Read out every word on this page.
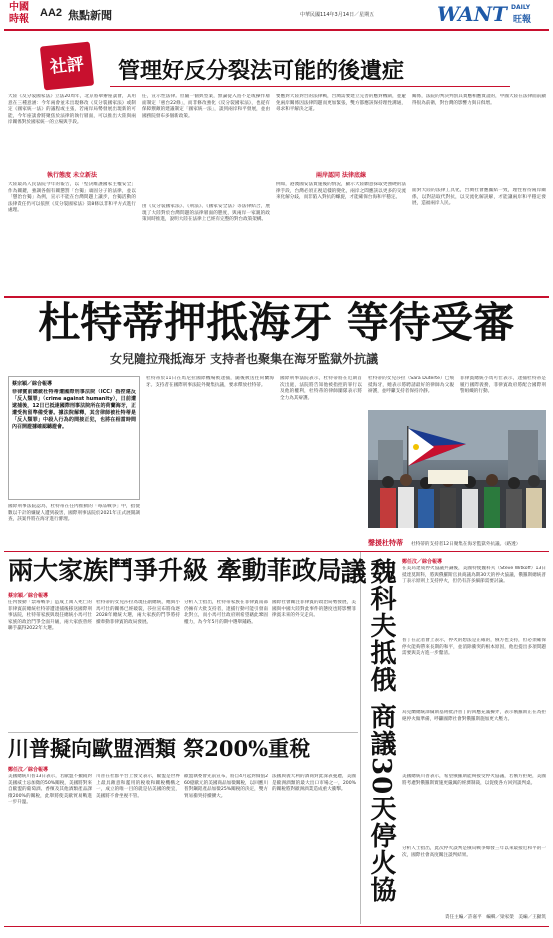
中國
時報
AA2 焦點新聞	中華民國114年3月14日／星期五	WANT DAILY
旺報
社評	管理好反分裂法可能的後遺症
大陸《反分裂國家法》立法20周年，北京將舉辦座談會，其用意在三種意涵：今年兩會並未出現修改《反分裂國家法》或制定《國家統一法》的議程或主張，若兩岸局勢發展出現新的可能，今年座談會將聚焦於法律的執行層面，可以推出大陸與兩岸關係對於國家統一的立場與手段。
執行態度 未立新法
大陸最高人民法院今年的報告，以「堅決維護國家主權安全」作為關鍵，強調各個有關懲罰「台獨」頑固分子的法律，並以「懲治台獨」為例，宣示不能在台灣問題上讓步，台獨活動的法律責任仍可以依照《反分裂國家法》第8條以非和平方式進行處理。
任，宣示性法律。但隨一個典型案，無論從入島不足或操作層面制定「惠台22條」，而非修改強化《反分裂國家法》，也從有保障禦敵的建議制定「國家統一法」，談到兩岸和平發展，並由國務院發布多個新政策。
由《反分裂國家法》、《刑法》、《國家安全法》等法律結合，展現了大陸對於台灣問題的法律層面的態度，與兩岸一家親的政策同時推進，說明大陸在法律上已經有完整的對台政策架構。
要應對大陸對台的法律戰，台灣需要建立完善的應對機制，並避免兩岸關係因法律問題而更加緊張，雙方都應該保持理性溝通，尋求和平解決之道。
兩岸認同 法律底線
例如，港澳國安法實施後的情況，顯示大陸願意採取更強硬的法律手段，台灣必須正視這樣的變化，兩岸之間應該以更多的交流來化解分歧，而非陷入對抗的螺旋，才能確保台海和平穩定。
關係，法院的判決判罰其實應相應實證的，中國大陸在法律面前顯得很為前衛，對台灣的影響力與日俱增。
面對大陸的法律工具化，台灣社會應團結一致，理性看待兩岸關係，以對話取代對抗，以交流化解誤解，才能讓兩岸和平穩定發展，造福兩岸人民。
杜特蒂押抵海牙 等待受審
女兒隨拉飛抵海牙 支持者也聚集在海牙監獄外抗議
蔡宗穎／綜合報導
菲律賓前總統杜特蒂遭國際刑事法院（ICC）指控違反「反人類罪」（crime against humanity），日前遭逮捕後，12日已抵達國際刑事法院所在的荷蘭海牙，正遭受拘留準備受審。據法院解釋，其含律師被杜特蒂是「反人類罪」中殺人行為的間接正犯，也將在相當時間內召開證據確認聽證會。
國際刑事法院認為，杜特蒂在任內推動的「毒品戰爭」中，指使數以千計的嫌疑人遭到殺害，國際刑事法院於2021年正式展開調查，該案件將在海牙進行審理。
杜特蒂於11日在馬尼拉國際機場被逮捕，隨後被送往荷蘭海牙。支持者在國際刑事法院外聚集抗議，要求釋放杜特蒂。
國際刑事法院表示，杜特蒂將在近期首次出庭，法院將告知他被指控的罪行以及他的權利，杜特蒂的律師團隊表示將全力為其辯護。
杜特蒂的女兒莎拉（Sara Duterte）已飛抵海牙，她表示將聘請最好的律師為父親辯護，並呼籲支持者保持冷靜。
菲律賓總統小馬可仕表示，逮捕杜特蒂是履行國際義務，菲律賓政府將配合國際刑警組織的行動。
聲援杜特蒂 杜特蒂的支持者12日聚集在海牙監獄外抗議。（路透）
兩大家族鬥爭升級 牽動菲政局
蔡宗穎／綜合報導
任內發動「禁毒戰爭」造成上萬人死亡的菲律賓前總統杜特蒂遭逮捕後移送國際刑事法院，杜特蒂家族與現任總統小馬可仕家族的政治鬥爭全面升級，兩大家族曾經聯手贏得2022年大選。
杜特蒂的女兒莎拉為現任副總統，她與小馬可仕的關係已經破裂，莎拉宣布將角逐2028年總統大選，兩大家族的鬥爭將持續牽動菲律賓的政局發展。
分析人士指出，杜特蒂家族在菲律賓南部仍擁有大批支持者，逮捕行動可能引發南北對立，而小馬可仕政府則希望藉此鞏固權力，為今年5月的期中選舉鋪路。
國際社會關注菲律賓的政治局勢發展，美國與中國大陸對此事件的態度也將影響菲律賓未來的外交走向。
川普擬向歐盟酒類 祭200%重稅
鄭任汶／綜合報導
美國總統川普13日表示，若歐盟不撤銷對美國威士忌加徵的50%關稅，美國將對來自歐盟的葡萄酒、香檳及其他酒類產品課徵200%的關稅，此舉將使美歐貿易戰進一步升溫。
川普在社群平台上發文表示，歐盟是世界上最具敵意和濫用的稅收和關稅機構之一，成立的唯一目的就是佔美國的便宜，美國將不會坐視不管。
歐盟執委會先前宣布，將自4月起對價值260億歐元的美國商品加徵關稅，以回應川普對鋼鋁產品加徵25%關稅的決定，雙方貿易衝突持續擴大。
法國與義大利的酒商對此深表憂慮，美國是歐洲酒類的最大出口市場之一，200%的關稅將對歐洲酒業造成重大衝擊。 魏科夫抵俄 商議30天停火協議	鄭任汶／綜合報導
在美烏達成停火協議共識後，美國特使魏科夫（Steve Witkoff）13日抵達莫斯科，將與俄羅斯官員商議為期30天的停火協議，俄羅斯總統普丁表示原則上支持停火，但仍有許多細節需要討論。
普丁在記者會上表示，停火的想法是正確的，俄方也支持，但必須確保停火能夠帶來長期的和平，並消除衝突的根本原因，他也提出多項問題需要與美方進一步釐清。
烏克蘭總統澤倫斯基則批評普丁的回應充滿操弄，表示俄羅斯正在為拒絕停火做準備，呼籲國際社會對俄羅斯施加更大壓力。
美國總統川普表示，希望俄羅斯能夠接受停火協議，若俄方拒絕，美國將考慮對俄羅斯實施更嚴厲的經濟制裁，以促使各方回到談判桌。
分析人士指出，此次停火談判是俄烏戰爭爆發三年以來最接近和平的一次，國際社會高度關注談判結果。
責任主編／許嘉平　編輯／梁家榮　美編／王顯筑
